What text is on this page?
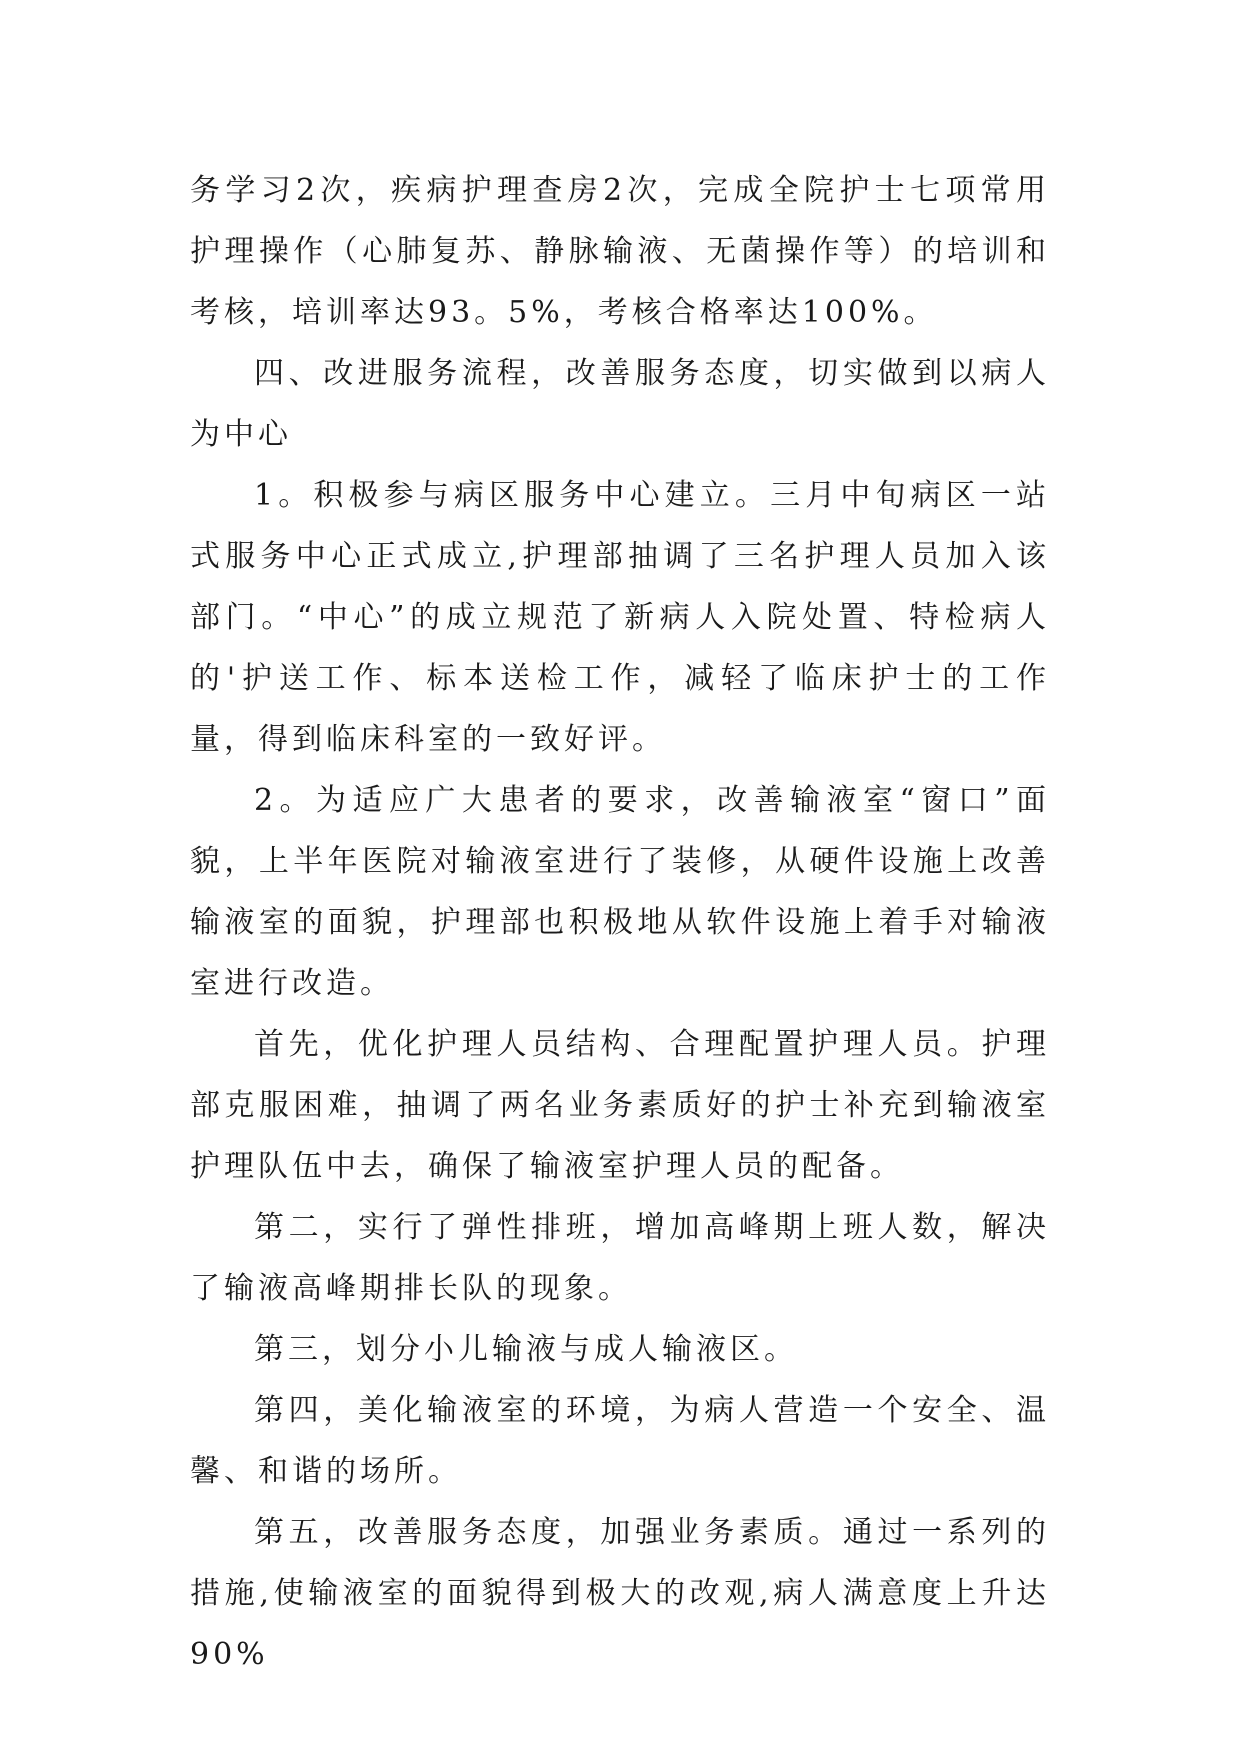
务学习2次，疾病护理查房2次，完成全院护士七项常用护理操作（心肺复苏、静脉输液、无菌操作等）的培训和考核，培训率达93。5%，考核合格率达100%。

四、改进服务流程，改善服务态度，切实做到以病人为中心

1。积极参与病区服务中心建立。三月中旬病区一站式服务中心正式成立,护理部抽调了三名护理人员加入该部门。“中心”的成立规范了新病人入院处置、特检病人的'护送工作、标本送检工作，减轻了临床护士的工作量，得到临床科室的一致好评。

2。为适应广大患者的要求，改善输液室“窗口”面貌，上半年医院对输液室进行了装修，从硬件设施上改善输液室的面貌，护理部也积极地从软件设施上着手对输液室进行改造。

首先，优化护理人员结构、合理配置护理人员。护理部克服困难，抽调了两名业务素质好的护士补充到输液室护理队伍中去，确保了输液室护理人员的配备。

第二，实行了弹性排班，增加高峰期上班人数，解决了输液高峰期排长队的现象。

第三，划分小儿输液与成人输液区。

第四，美化输液室的环境，为病人营造一个安全、温馨、和谐的场所。

第五，改善服务态度，加强业务素质。通过一系列的措施,使输液室的面貌得到极大的改观,病人满意度上升达90%
